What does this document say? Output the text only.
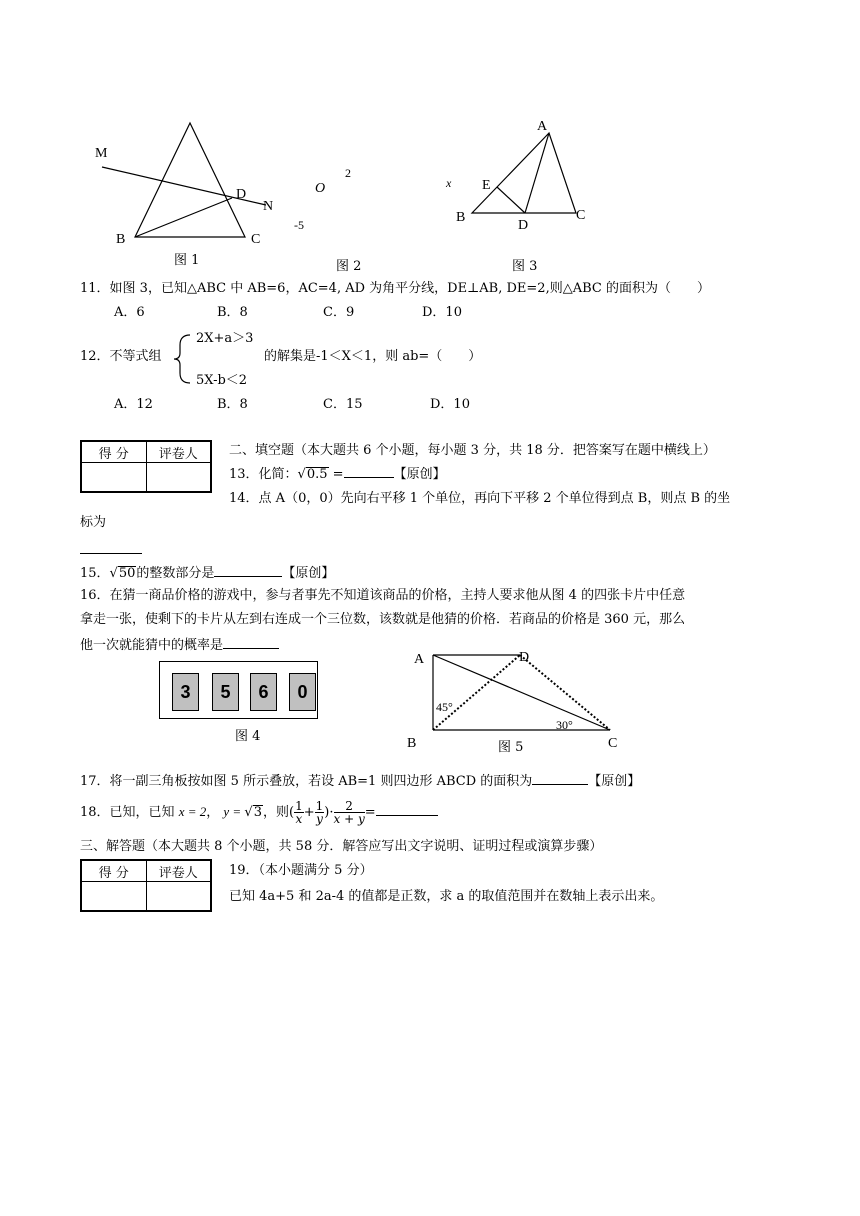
M
D
N
B	C
图 1
O
2
-5
图 2
A
E
x
B
D
C
图 3
11．如图 3，已知△ABC 中 AB=6，AC=4, AD 为角平分线，DE⊥AB, DE=2,则△ABC 的面积为（　　）
A．6	B．8	C．9	D．10
12．不等式组
2X+a＞3
5X-b＜2
的解集是-1＜X＜1，则 ab=（　　）
A．12	B．8	C．15	D．10
得 分	评卷人
	二、填空题（本大题共 6 个小题，每小题 3 分，共 18 分．把答案写在题中横线上）
13．化简：√0.5 =	【原创】
14．点 A（0，0）先向右平移 1 个单位，再向下平移 2 个单位得到点 B，则点 B 的坐
标为
15．√50的整数部分是	【原创】
16．在猜一商品价格的游戏中，参与者事先不知道该商品的价格，主持人要求他从图 4 的四张卡片中任意
拿走一张，使剩下的卡片从左到右连成一个三位数，该数就是他猜的价格．若商品的价格是 360 元，那么
他一次就能猜中的概率是
3	5	6	0
图 4
A	D
B	C
45°
30°
图 5
17．将一副三角板按如图 5 所示叠放，若设 AB=1 则四边形 ABCD 的面积为	【原创】
18．已知，已知 x = 2， y = √3，则( $\frac{1}{x} + \frac{1}{y}$ )· $\frac{2}{x + y}$ =
三、解答题（本大题共 8 个小题，共 58 分．解答应写出文字说明、证明过程或演算步骤）
得 分	评卷人
	19．（本小题满分 5 分）
已知 4a+5 和 2a-4 的值都是正数，求 a 的取值范围并在数轴上表示出来。
